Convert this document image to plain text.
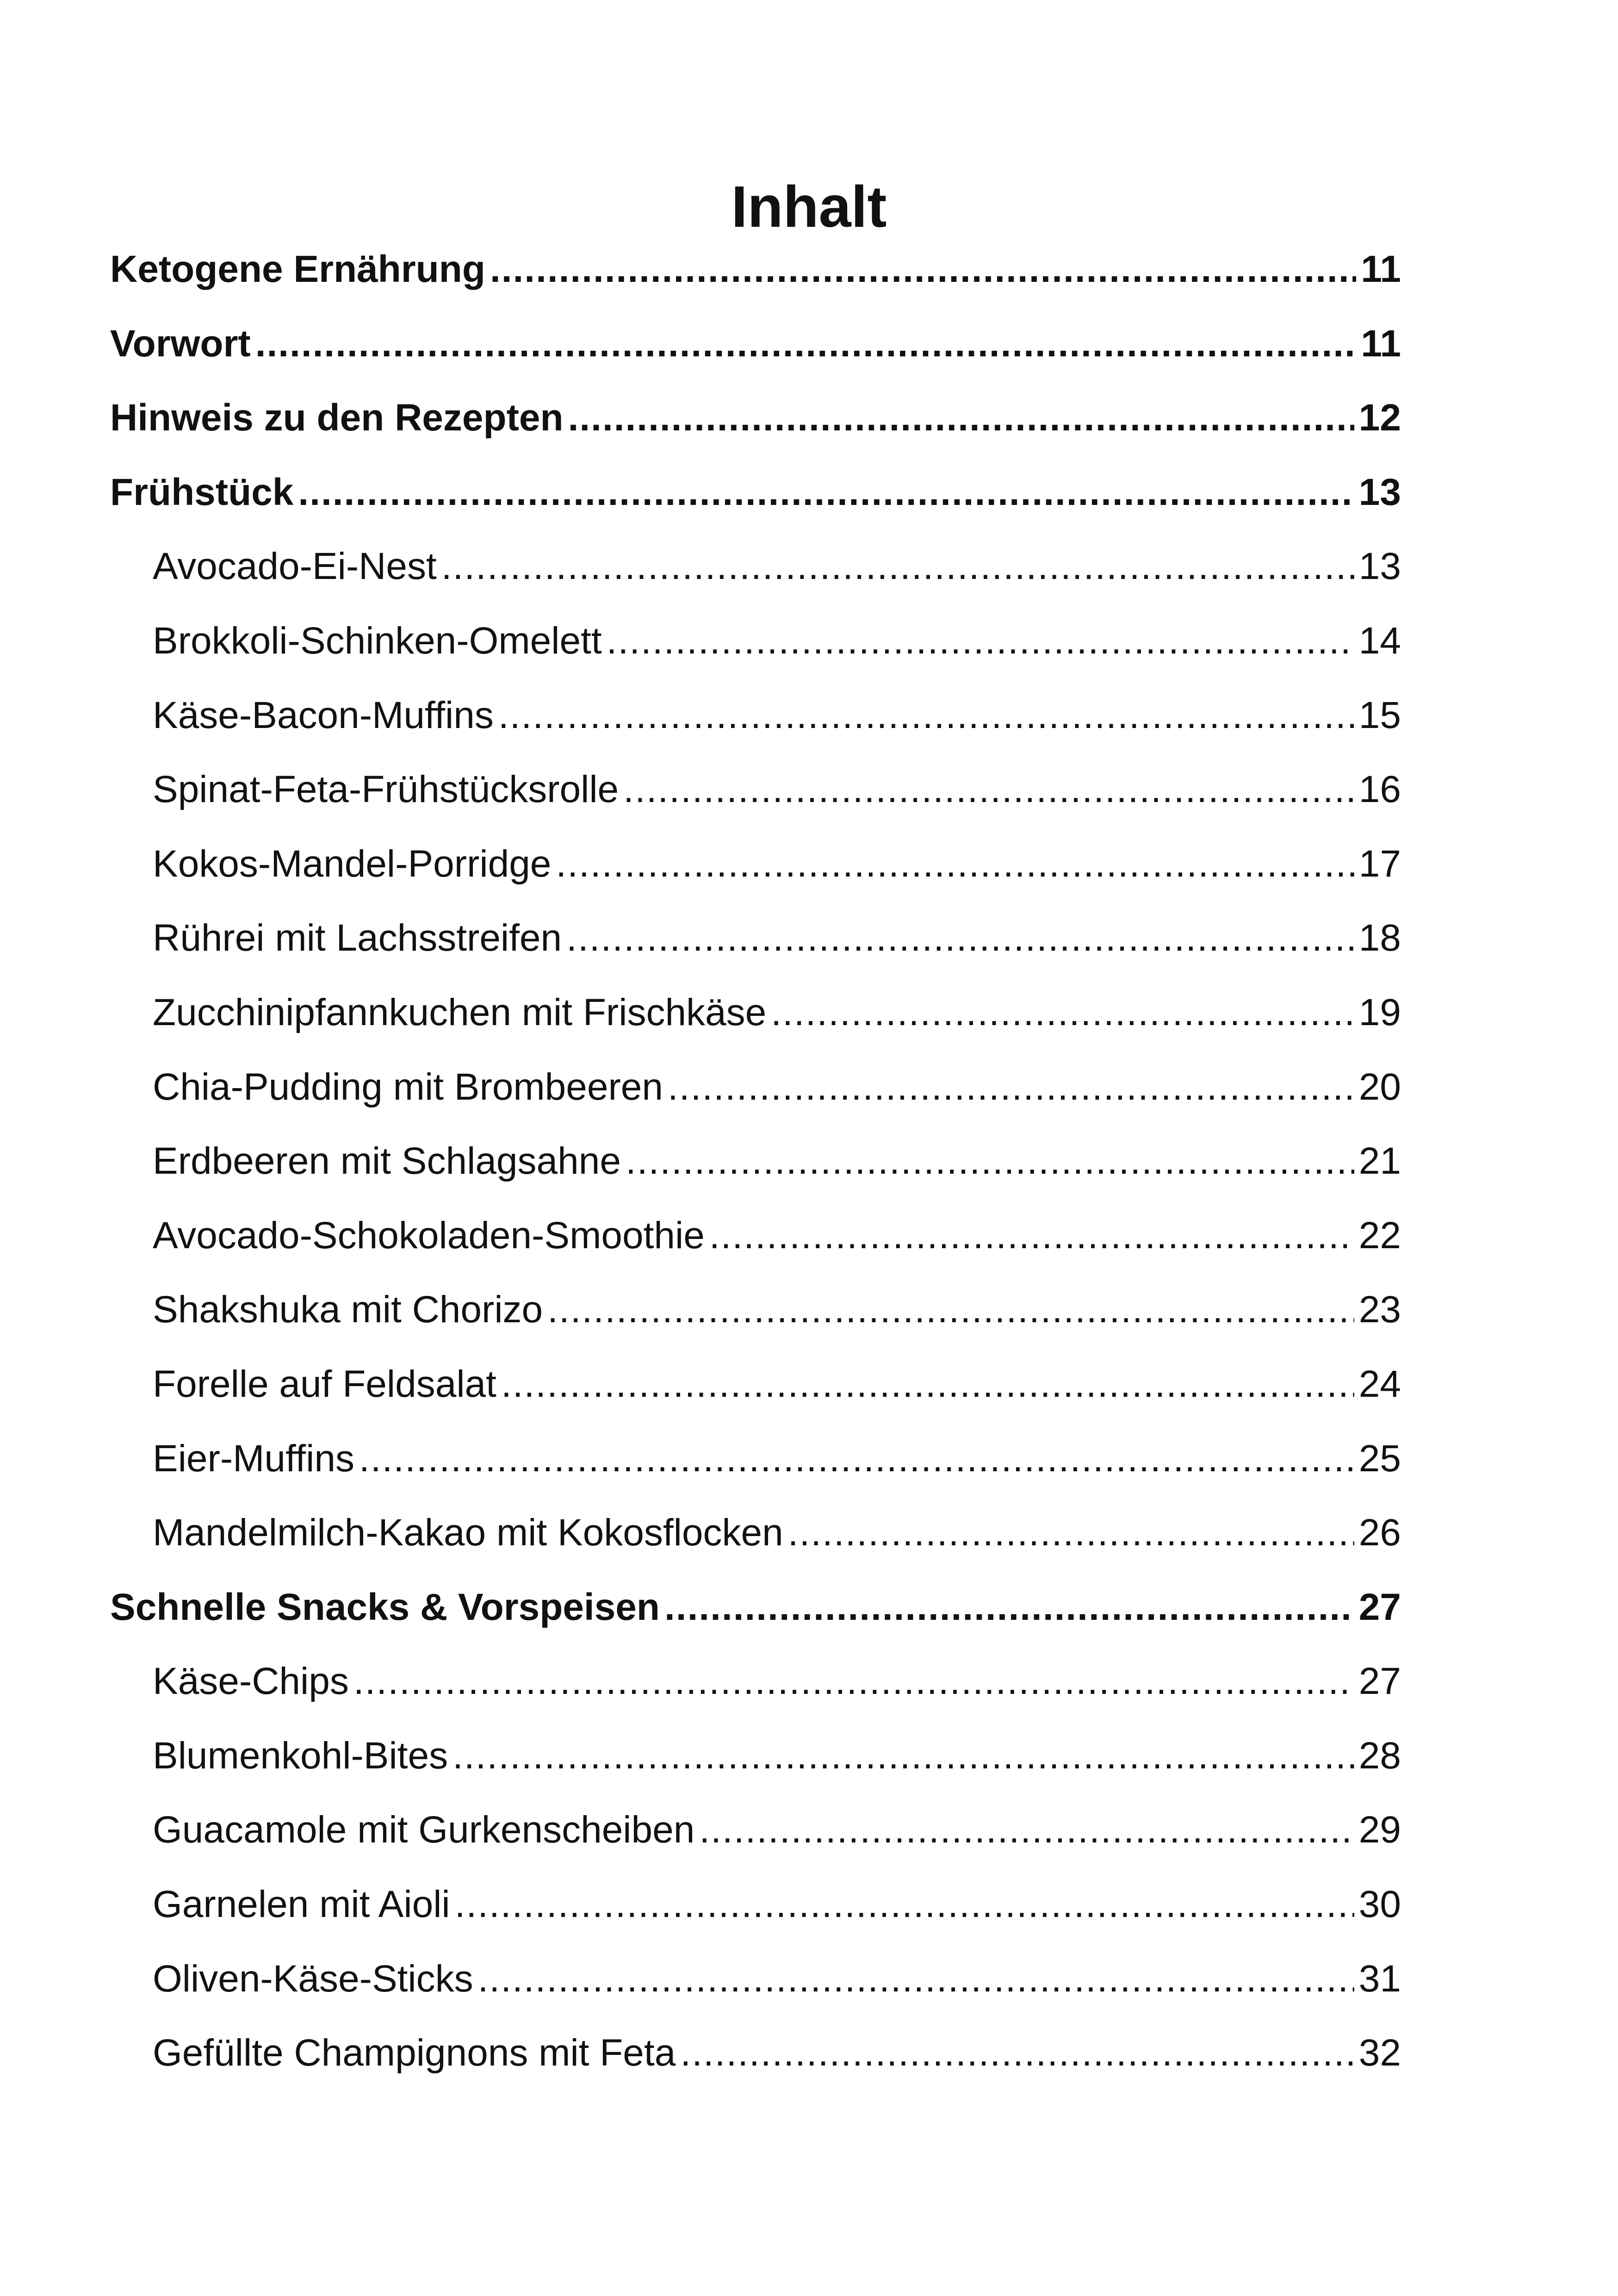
Inhalt
Ketogene Ernährung .....	11
Vorwort .....	11
Hinweis zu den Rezepten .....	12
Frühstück .....	13
Avocado-Ei-Nest .....	13
Brokkoli-Schinken-Omelett .....	14
Käse-Bacon-Muffins .....	15
Spinat-Feta-Frühstücksrolle .....	16
Kokos-Mandel-Porridge .....	17
Rührei mit Lachsstreifen .....	18
Zucchinipfannkuchen mit Frischkäse .....	19
Chia-Pudding mit Brombeeren .....	20
Erdbeeren mit Schlagsahne .....	21
Avocado-Schokoladen-Smoothie .....	22
Shakshuka mit Chorizo .....	23
Forelle auf Feldsalat .....	24
Eier-Muffins .....	25
Mandelmilch-Kakao mit Kokosflocken .....	26
Schnelle Snacks & Vorspeisen .....	27
Käse-Chips .....	27
Blumenkohl-Bites .....	28
Guacamole mit Gurkenscheiben .....	29
Garnelen mit Aioli .....	30
Oliven-Käse-Sticks .....	31
Gefüllte Champignons mit Feta .....	32
